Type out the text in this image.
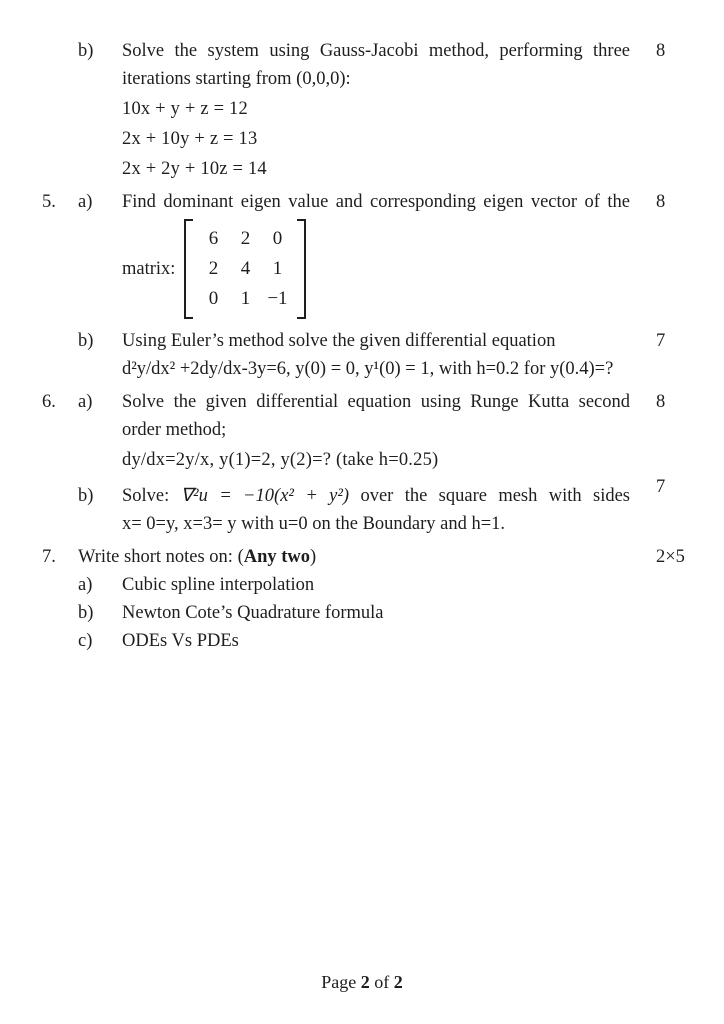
b)	Solve the system using Gauss-Jacobi method, performing three	8
iterations starting from (0,0,0):
10x + y + z = 12
2x + 10y + z = 13
2x + 2y + 10z = 14
5.	a)	Find dominant eigen value and corresponding eigen vector of the	8
matrix:
6	2	0
2	4	1
0	1 −1
b)	Using Euler’s method solve the given differential equation	7
d²y/dx² +2dy/dx-3y=6, y(0) = 0, y¹(0) = 1, with h=0.2 for y(0.4)=?
6.	a)	Solve the given differential equation using Runge Kutta second	8
order method;
dy/dx=2y/x, y(1)=2, y(2)=? (take h=0.25)
b)	Solve: ∇²u = −10(x² + y²) over the square mesh with sides	7
x= 0=y, x=3= y with u=0 on the Boundary and h=1.
7.	Write short notes on: (Any two)	2×5
a)	Cubic spline interpolation
b)	Newton Cote’s Quadrature formula
c)	ODEs Vs PDEs
Page 2 of 2
